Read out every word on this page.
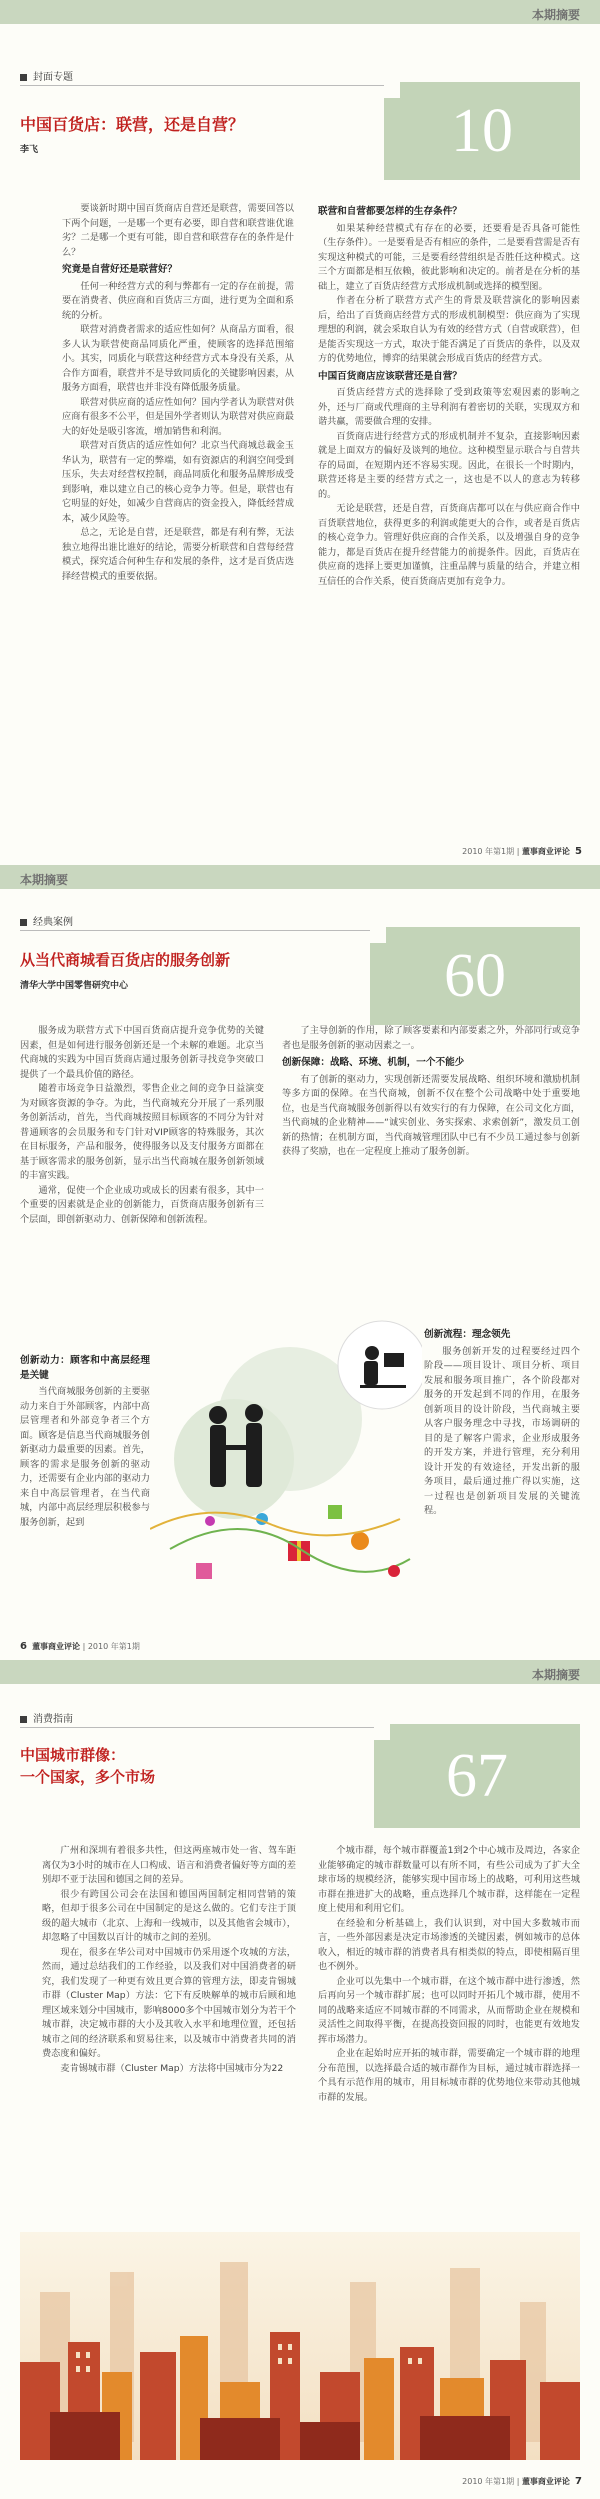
本期摘要
封面专题
10
中国百货店：联营，还是自营？
李飞

要谈新时期中国百货商店自营还是联营，需要回答以下两个问题，一是哪一个更有必要，即自营和联营谁优谁劣？二是哪一个更有可能，即自营和联营存在的条件是什么？

究竟是自营好还是联营好？

任何一种经营方式的利与弊都有一定的存在前提，需要在消费者、供应商和百货店三方面，进行更为全面和系统的分析。

联营对消费者需求的适应性如何？从商品方面看，很多人认为联营使商品同质化严重，使顾客的选择范围缩小。其实，同质化与联营这种经营方式本身没有关系，从合作方面看，联营并不是导致同质化的关键影响因素，从服务方面看，联营也并非没有降低服务质量。

联营对供应商的适应性如何？国内学者认为联营对供应商有很多不公平，但是国外学者则认为联营对供应商最大的好处是吸引客流，增加销售和利润。

联营对百货店的适应性如何？北京当代商城总裁金玉华认为，联营有一定的弊端，如有资源店的利润空间受到压乐，失去对经营权控制，商品同质化和服务品牌形成受到影响，难以建立自己的核心竞争力等。但是，联营也有它明显的好处，如减少自营商店的资金投入，降低经营成本，减少风险等。

总之，无论是自营，还是联营，都是有利有弊，无法独立地得出谁比谁好的结论，需要分析联营和自营每经营模式，探究适合何种生存和发展的条件，这才是百货店选择经营模式的重要依据。

联营和自营都要怎样的生存条件？

如果某种经营模式有存在的必要，还要看是否具备可能性（生存条件）。一是要看是否有相应的条件，二是要看营需是否有实现这种模式的可能，三是要看经营组织是否胜任这种模式。这三个方面都是相互依赖，彼此影响和决定的。前者是在分析的基础上，建立了百货店经营方式形成机制或选择的模型图。

作者在分析了联营方式产生的背景及联营演化的影响因素后，给出了百货商店经营方式的形成机制模型：供应商为了实现理想的利润，就会采取自认为有效的经营方式（自营或联营），但是能否实现这一方式，取决于能否满足了百货店的条件，以及双方的优势地位，博弈的结果就会形成百货店的经营方式。

中国百货商店应该联营还是自营？

百货店经营方式的选择除了受到政策等宏观因素的影响之外，还与厂商或代理商的主导利润有着密切的关联，实现双方和谐共赢，需要做合理的安排。

百货商店进行经营方式的形成机制并不复杂，直接影响因素就是上面双方的偏好及谈判的地位。这种模型显示联合与自营共存的局面，在短期内还不容易实现。因此，在很长一个时期内，联营还将是主要的经营方式之一，这也是不以人的意志为转移的。

无论是联营，还是自营，百货商店都可以在与供应商合作中百货联营地位，获得更多的利润或能更大的合作，或者是百货店的核心竞争力。管理好供应商的合作关系，以及增强自身的竞争能力，都是百货店在提升经营能力的前提条件。因此，百货店在供应商的选择上要更加谨慎，注重品牌与质量的结合，并建立相互信任的合作关系，使百货商店更加有竞争力。

2010 年第1期 | 董事商业评论 5
本期摘要
经典案例
60
从当代商城看百货店的服务创新
清华大学中国零售研究中心

服务成为联营方式下中国百货商店提升竞争优势的关键因素，但是如何进行服务创新还是一个未解的难题。北京当代商城的实践为中国百货商店通过服务创新寻找竞争突破口提供了一个最具价值的路径。

随着市场竞争日益激烈，零售企业之间的竞争日益演变为对顾客资源的争夺。为此，当代商城充分开展了一系列服务创新活动，首先，当代商城按照目标顾客的不同分为针对普通顾客的会员服务和专门针对VIP顾客的特殊服务，其次在目标服务，产品和服务，使得服务以及支付服务方面都在基于顾客需求的服务创新，显示出当代商城在服务创新领域的丰富实践。

通常，促使一个企业成功或成长的因素有很多，其中一个重要的因素就是企业的创新能力，百货商店服务创新有三个层面，即创新驱动力、创新保障和创新流程。

创新动力：顾客和中高层经理是关键

当代商城服务创新的主要驱动力来自于外部顾客，内部中高层管理者和外部竞争者三个方面。顾客是信息当代商城服务创新驱动力最重要的因素。首先，顾客的需求是服务创新的驱动力，还需要有企业内部的驱动力来自中高层管理者，在当代商城，内部中高层经理层积极参与服务创新，起到

了主导创新的作用，除了顾客要素和内部要素之外，外部同行或竞争者也是服务创新的驱动因素之一。

创新保障：战略、环境、机制，一个不能少

有了创新的驱动力，实现创新还需要发展战略、组织环境和激励机制等多方面的保障。在当代商城，创新不仅在整个公司战略中处于重要地位，也是当代商城服务创新得以有效实行的有力保障，在公司文化方面，当代商城的企业精神——“诚实创业、务实探索、求索创新”，激发员工创新的热情；在机制方面，当代商城管理团队中已有不少员工通过参与创新获得了奖励，也在一定程度上推动了服务创新。

创新流程：理念领先

服务创新开发的过程要经过四个阶段——项目设计、项目分析、项目发展和服务项目推广，各个阶段都对服务的开发起到不同的作用，在服务创新项目的设计阶段，当代商城主要从客户服务理念中寻找，市场调研的目的是了解客户需求，企业形成服务的开发方案，并进行管理，充分利用设计开发的有效途径，开发出新的服务项目，最后通过推广得以实施，这一过程也是创新项目发展的关键流程。

6 董事商业评论 | 2010 年第1期
本期摘要
消费指南
67
中国城市群像：
一个国家，多个市场

广州和深圳有着很多共性，但这两座城市处一省、驾车距离仅为3小时的城市在人口构成、语言和消费者偏好等方面的差别却不亚于法国和德国之间的差异。

很少有跨国公司会在法国和德国两国制定相同营销的策略，但却于很多公司在中国制定的是这么做的。它们专注于顶级的超大城市（北京、上海和一线城市，以及其他省会城市），却忽略了中国数以百计的城市之间的差别。

现在，很多在华公司对中国城市仍采用逐个攻城的方法，然而，通过总结我们的工作经验，以及我们对中国消费者的研究，我们发现了一种更有效且更合算的管理方法，即麦肯锡城市群（Cluster Map）方法：它下有反映解单的城市后顾和地理区域来划分中国城市，影响8000多个中国城市划分为若干个城市群，决定城市群的大小及其收入水平和地理位置，还包括城市之间的经济联系和贸易往来，以及城市中消费者共同的消费态度和偏好。

麦肯锡城市群（Cluster Map）方法将中国城市分为22

个城市群，每个城市群覆盖1到2个中心城市及周边，各家企业能够确定的城市群数量可以有所不同，有些公司成为了扩大全球市场的规模经济，能够实现中国市场上的战略，可利用这些城市群在推进扩大的战略，重点选择几个城市群，这样能在一定程度上使用和利用它们。

在经验和分析基础上，我们认识到，对中国大多数城市而言，一些外部因素是决定市场渗透的关键因素，例如城市的总体收入，相近的城市群的消费者具有相类似的特点，即使相隔百里也不例外。

企业可以先集中一个城市群，在这个城市群中进行渗透，然后再向另一个城市群扩展；也可以同时开拓几个城市群，使用不同的战略来适应不同城市群的不同需求，从而帮助企业在规模和灵活性之间取得平衡，在提高投资回报的同时，也能更有效地发挥市场潜力。

企业在起始时应开拓的城市群，需要确定一个城市群的地理分布范围，以选择最合适的城市群作为目标，通过城市群选择一个具有示范作用的城市，用目标城市群的优势地位来带动其他城市群的发展。

2010 年第1期 | 董事商业评论 7
